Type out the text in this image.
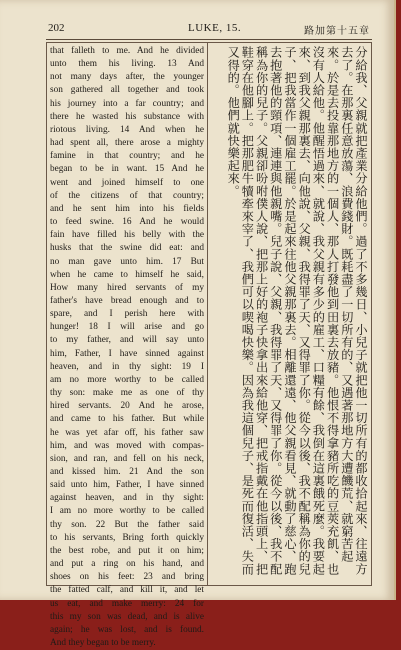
202	LUKE, 15.	路加第十五章
that falleth to me. And he divided
unto them his living. 13 And
not many days after, the younger
son gathered all together and took
his journey into a far country; and
there he wasted his substance with
riotous living. 14 And when he
had spent all, there arose a mighty
famine in that country; and he
began to be in want. 15 And he
went and joined himself to one
of the citizens of that country;
and he sent him into his fields
to feed swine. 16 And he would
fain have filled his belly with the
husks that the swine did eat: and
no man gave unto him. 17 But
when he came to himself he said,
How many hired servants of my
father's have bread enough and to
spare, and I perish here with
hunger! 18 I will arise and go
to my father, and will say unto
him, Father, I have sinned against
heaven, and in thy sight: 19 I
am no more worthy to be called
thy son: make me as one of thy
hired servants. 20 And he arose,
and came to his father. But while
he was yet afar off, his father saw
him, and was moved with compas-
sion, and ran, and fell on his neck,
and kissed him. 21 And the son
said unto him, Father, I have sinned
against heaven, and in thy sight:
I am no more worthy to be called
thy son. 22 But the father said
to his servants, Bring forth quickly
the best robe, and put it on him;
and put a ring on his hand, and
shoes on his feet: 23 and bring
the fatted calf, and kill it, and let
us eat, and make merry: 24 for
this my son was dead, and is alive
again; he was lost, and is found.
And they began to be merry.
分給我︑父親就把產業分給他們︒過了不多幾日︑小兒子就把他一切所有的都收拾起來︑往遠方去了︒在那裏任意放蕩︑浪費錢財︒既耗盡了一切所有的︑又遇著那地方大遭饑荒︑就窮苦起來︒於是去投靠那地方的一個人︑那人打發他到田裏去放豬︒他恨不得拿豬所吃的豆莢充飢︑也沒有人給他︒他醒悟過來︑就說︑我父親有多少的雇工︑口糧有餘︑我倒在這裏餓死麼︒我要起來︑到我父親那裏去︑向他說︑父親︑我得罪了天︑又得罪了你︒從今以後︑我不配稱為你的兒子︑把我當作一個雇工罷︒於是起來往他父親那裏去︒相離還遠︑他父親看見︑就動了慈心︑跑去抱著他的頸項︑連連與他親嘴︒兒子說︑父親︑我得罪了天︑又得罪了你︒從今以後︑我不配稱為你的兒子︒父親卻吩咐僕人說︑把那上好的袍子快拿出來給他穿︑把戒指戴在他指頭上︑把鞋穿在他腳上︒把那肥牛犢牽來宰了︑我們可以喫喝快樂︒因為我這個兒子︑是死而復活︑失而又得的︒他們就快樂起來︒
